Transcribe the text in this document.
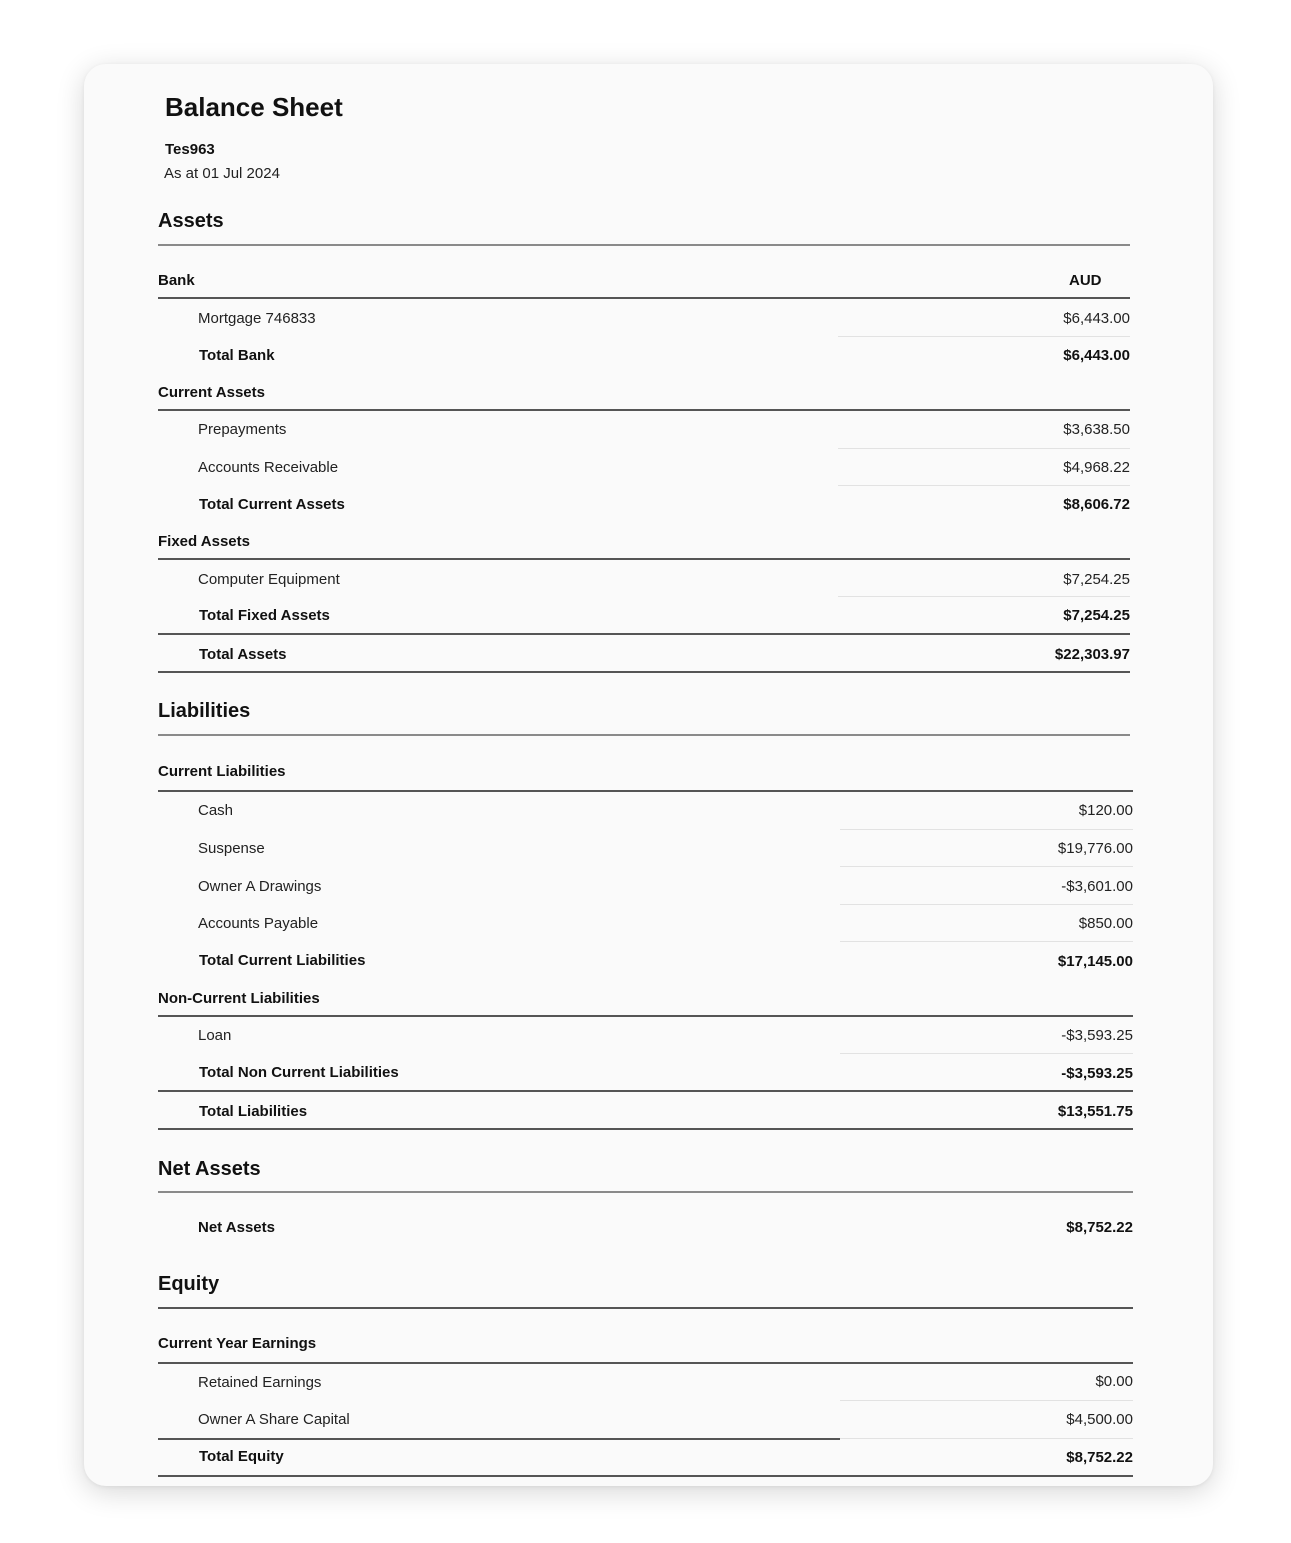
Balance Sheet
Tes963
As at 01 Jul 2024
Assets
Bank	AUD
Mortgage 746833	$6,443.00
Total Bank	$6,443.00
Current Assets
Prepayments	$3,638.50
Accounts Receivable	$4,968.22
Total Current Assets	$8,606.72
Fixed Assets
Computer Equipment	$7,254.25
Total Fixed Assets	$7,254.25
Total Assets	$22,303.97
Liabilities
Current Liabilities
Cash	$120.00
Suspense	$19,776.00
Owner A Drawings	-$3,601.00
Accounts Payable	$850.00
Total Current Liabilities	$17,145.00
Non-Current Liabilities
Loan	-$3,593.25
Total Non Current Liabilities	-$3,593.25
Total Liabilities	$13,551.75
Net Assets
Net Assets	$8,752.22
Equity
Current Year Earnings
Retained Earnings	$0.00
Owner A Share Capital	$4,500.00
Total Equity	$8,752.22
